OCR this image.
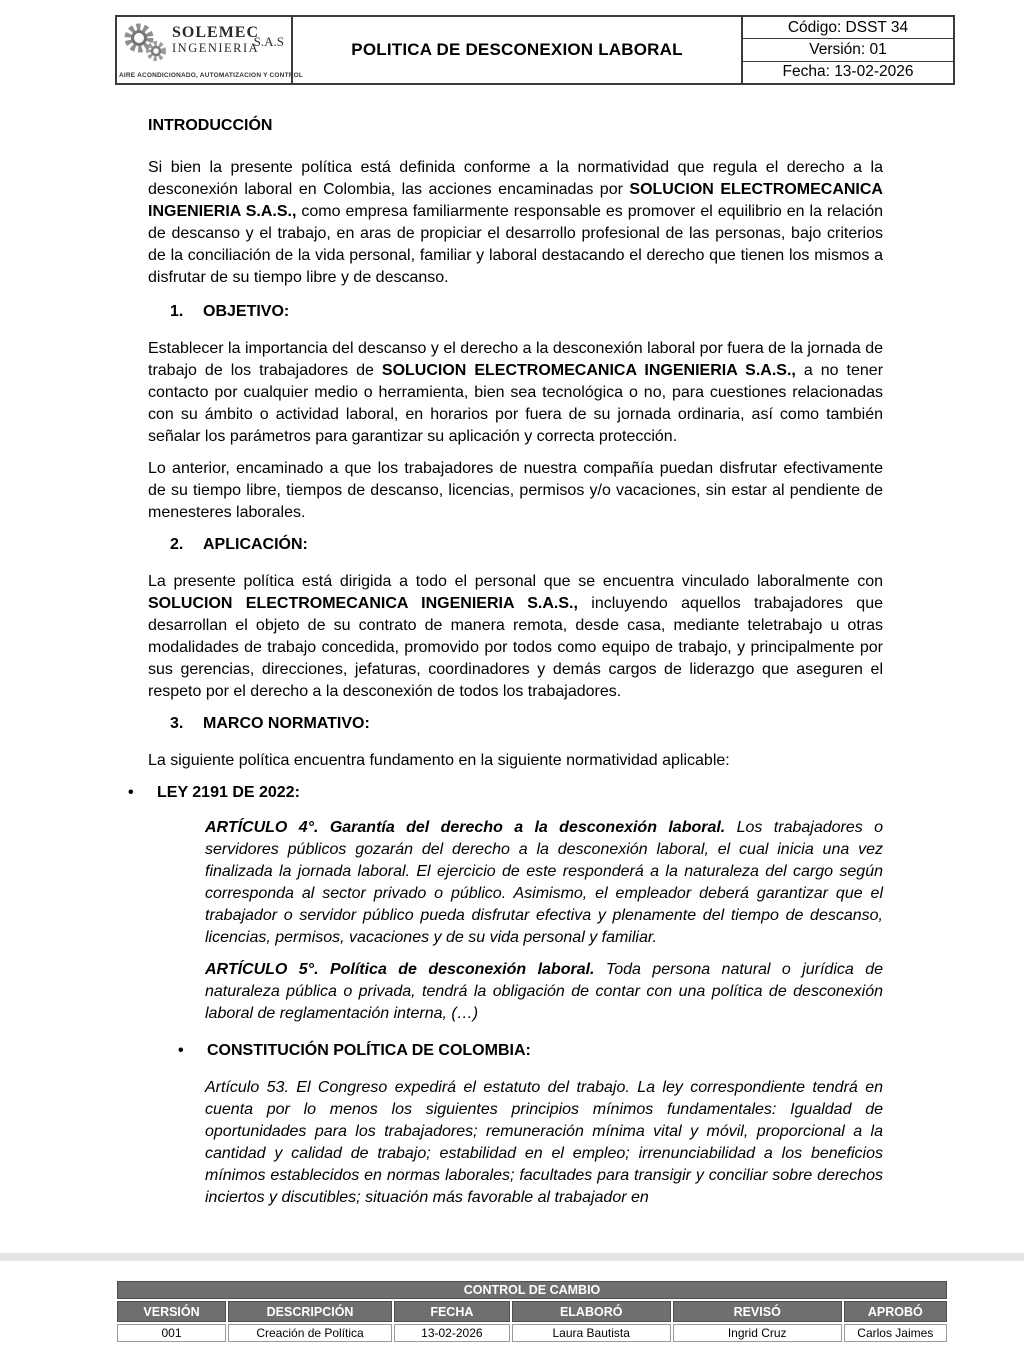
SOLEMEC
INGENIERIA
S.A.S
AIRE ACONDICIONADO, AUTOMATIZACION Y CONTROL
POLITICA DE DESCONEXION LABORAL
Código: DSST 34
Versión: 01
Fecha: 13-02-2026
INTRODUCCIÓN

Si bien la presente política está definida conforme a la normatividad que regula el derecho a la desconexión laboral en Colombia, las acciones encaminadas por SOLUCION ELECTROMECANICA INGENIERIA S.A.S., como empresa familiarmente responsable es promover el equilibrio en la relación de descanso y el trabajo, en aras de propiciar el desarrollo profesional de las personas, bajo criterios de la conciliación de la vida personal, familiar y laboral destacando el derecho que tienen los mismos a disfrutar de su tiempo libre y de descanso.

1.	OBJETIVO:

Establecer la importancia del descanso y el derecho a la desconexión laboral por fuera de la jornada de trabajo de los trabajadores de SOLUCION ELECTROMECANICA INGENIERIA S.A.S., a no tener contacto por cualquier medio o herramienta, bien sea tecnológica o no, para cuestiones relacionadas con su ámbito o actividad laboral, en horarios por fuera de su jornada ordinaria, así como también señalar los parámetros para garantizar su aplicación y correcta protección.

Lo anterior, encaminado a que los trabajadores de nuestra compañía puedan disfrutar efectivamente de su tiempo libre, tiempos de descanso, licencias, permisos y/o vacaciones, sin estar al pendiente de menesteres laborales.

2.	APLICACIÓN:

La presente política está dirigida a todo el personal que se encuentra vinculado laboralmente con SOLUCION ELECTROMECANICA INGENIERIA S.A.S., incluyendo aquellos trabajadores que desarrollan el objeto de su contrato de manera remota, desde casa, mediante teletrabajo u otras modalidades de trabajo concedida, promovido por todos como equipo de trabajo, y principalmente por sus gerencias, direcciones, jefaturas, coordinadores y demás cargos de liderazgo que aseguren el respeto por el derecho a la desconexión de todos los trabajadores.

3.	MARCO NORMATIVO:

La siguiente política encuentra fundamento en la siguiente normatividad aplicable:

•	LEY 2191 DE 2022:

ARTÍCULO 4°. Garantía del derecho a la desconexión laboral. Los trabajadores o servidores públicos gozarán del derecho a la desconexión laboral, el cual inicia una vez finalizada la jornada laboral. El ejercicio de este responderá a la naturaleza del cargo según corresponda al sector privado o público. Asimismo, el empleador deberá garantizar que el trabajador o servidor público pueda disfrutar efectiva y plenamente del tiempo de descanso, licencias, permisos, vacaciones y de su vida personal y familiar.

ARTÍCULO 5°. Política de desconexión laboral. Toda persona natural o jurídica de naturaleza pública o privada, tendrá la obligación de contar con una política de desconexión laboral de reglamentación interna, (…)

•	CONSTITUCIÓN POLÍTICA DE COLOMBIA:

Artículo 53. El Congreso expedirá el estatuto del trabajo. La ley correspondiente tendrá en cuenta por lo menos los siguientes principios mínimos fundamentales: Igualdad de oportunidades para los trabajadores; remuneración mínima vital y móvil, proporcional a la cantidad y calidad de trabajo; estabilidad en el empleo; irrenunciabilidad a los beneficios mínimos establecidos en normas laborales; facultades para transigir y conciliar sobre derechos inciertos y discutibles; situación más favorable al trabajador en

CONTROL DE CAMBIO					
VERSIÓN	DESCRIPCIÓN	FECHA	ELABORÓ	REVISÓ	APROBÓ
001	Creación de Política	13-02-2026	Laura Bautista	Ingrid Cruz	Carlos Jaimes
